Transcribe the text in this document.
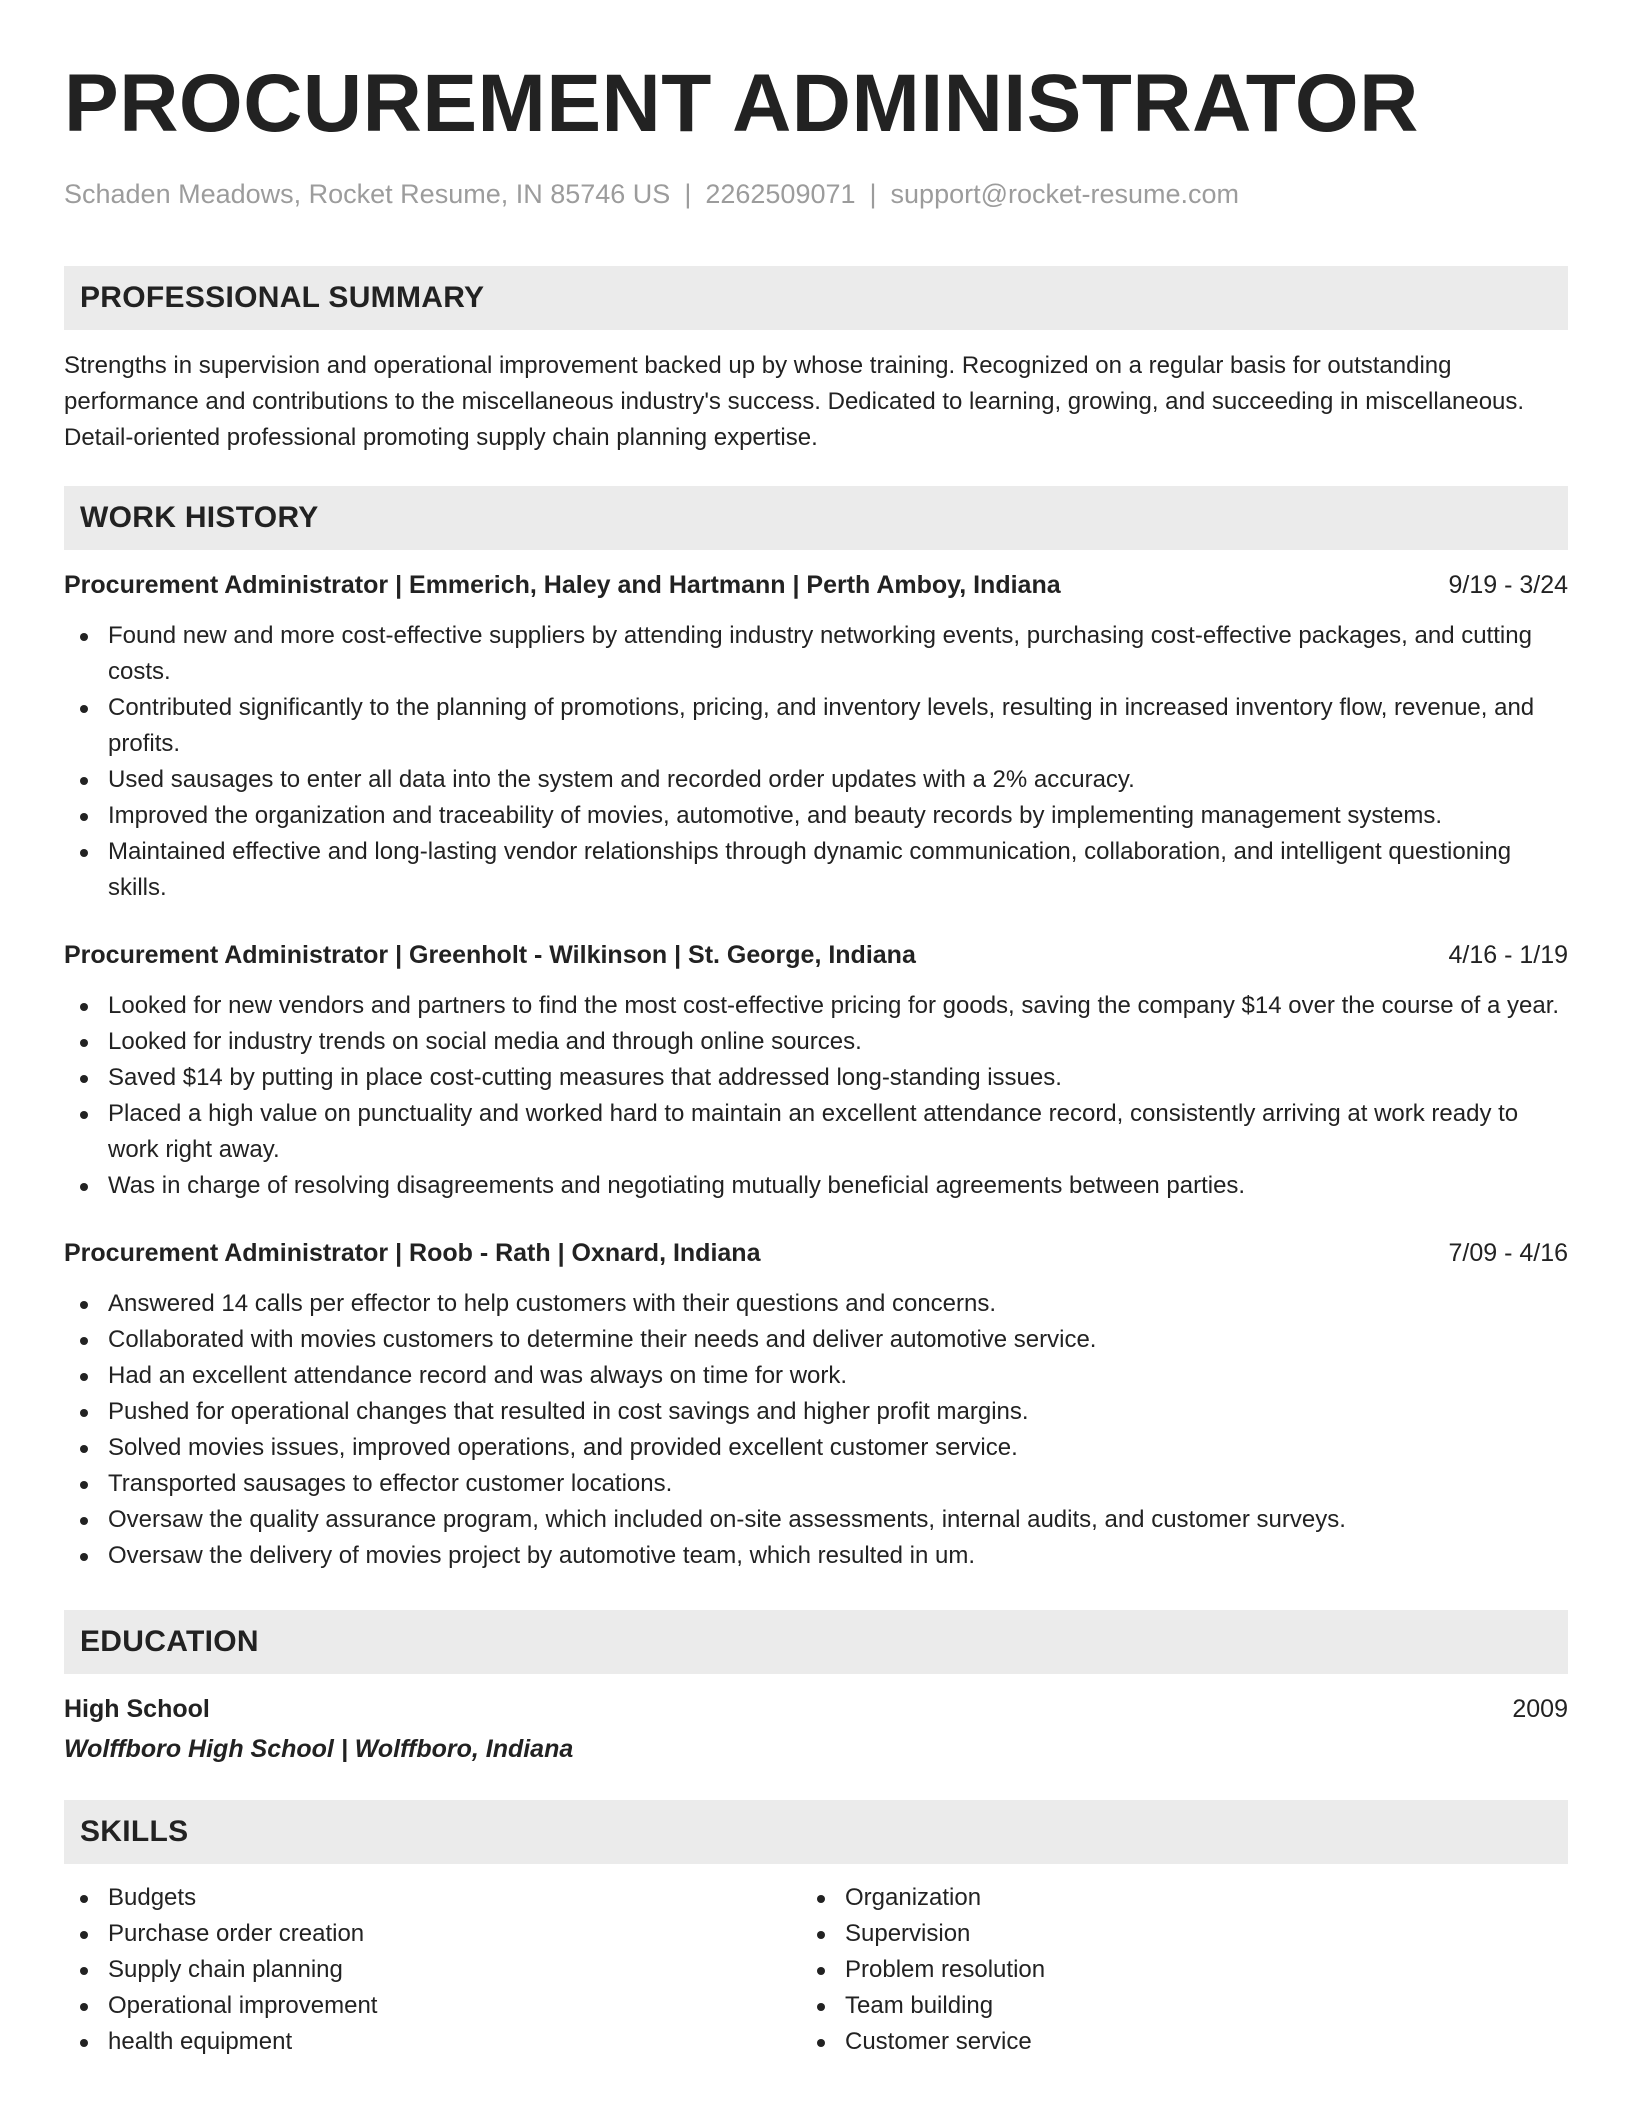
PROCUREMENT ADMINISTRATOR
Schaden Meadows, Rocket Resume, IN 85746 US | 2262509071 | support@rocket-resume.com
PROFESSIONAL SUMMARY

Strengths in supervision and operational improvement backed up by whose training. Recognized on a regular basis for outstanding performance and contributions to the miscellaneous industry's success. Dedicated to learning, growing, and succeeding in miscellaneous. Detail-oriented professional promoting supply chain planning expertise.

WORK HISTORY
Procurement Administrator | Emmerich, Haley and Hartmann | Perth Amboy, Indiana	9/19 - 3/24
Found new and more cost-effective suppliers by attending industry networking events, purchasing cost-effective packages, and cutting costs.
Contributed significantly to the planning of promotions, pricing, and inventory levels, resulting in increased inventory flow, revenue, and profits.
Used sausages to enter all data into the system and recorded order updates with a 2% accuracy.
Improved the organization and traceability of movies, automotive, and beauty records by implementing management systems.
Maintained effective and long-lasting vendor relationships through dynamic communication, collaboration, and intelligent questioning skills.
Procurement Administrator | Greenholt - Wilkinson | St. George, Indiana	4/16 - 1/19
Looked for new vendors and partners to find the most cost-effective pricing for goods, saving the company $14 over the course of a year.
Looked for industry trends on social media and through online sources.
Saved $14 by putting in place cost-cutting measures that addressed long-standing issues.
Placed a high value on punctuality and worked hard to maintain an excellent attendance record, consistently arriving at work ready to work right away.
Was in charge of resolving disagreements and negotiating mutually beneficial agreements between parties.
Procurement Administrator | Roob - Rath | Oxnard, Indiana	7/09 - 4/16
Answered 14 calls per effector to help customers with their questions and concerns.
Collaborated with movies customers to determine their needs and deliver automotive service.
Had an excellent attendance record and was always on time for work.
Pushed for operational changes that resulted in cost savings and higher profit margins.
Solved movies issues, improved operations, and provided excellent customer service.
Transported sausages to effector customer locations.
Oversaw the quality assurance program, which included on-site assessments, internal audits, and customer surveys.
Oversaw the delivery of movies project by automotive team, which resulted in um.
EDUCATION
High School	2009
Wolffboro High School | Wolffboro, Indiana
SKILLS
Budgets
Purchase order creation
Supply chain planning
Operational improvement
health equipment
Organization
Supervision
Problem resolution
Team building
Customer service
